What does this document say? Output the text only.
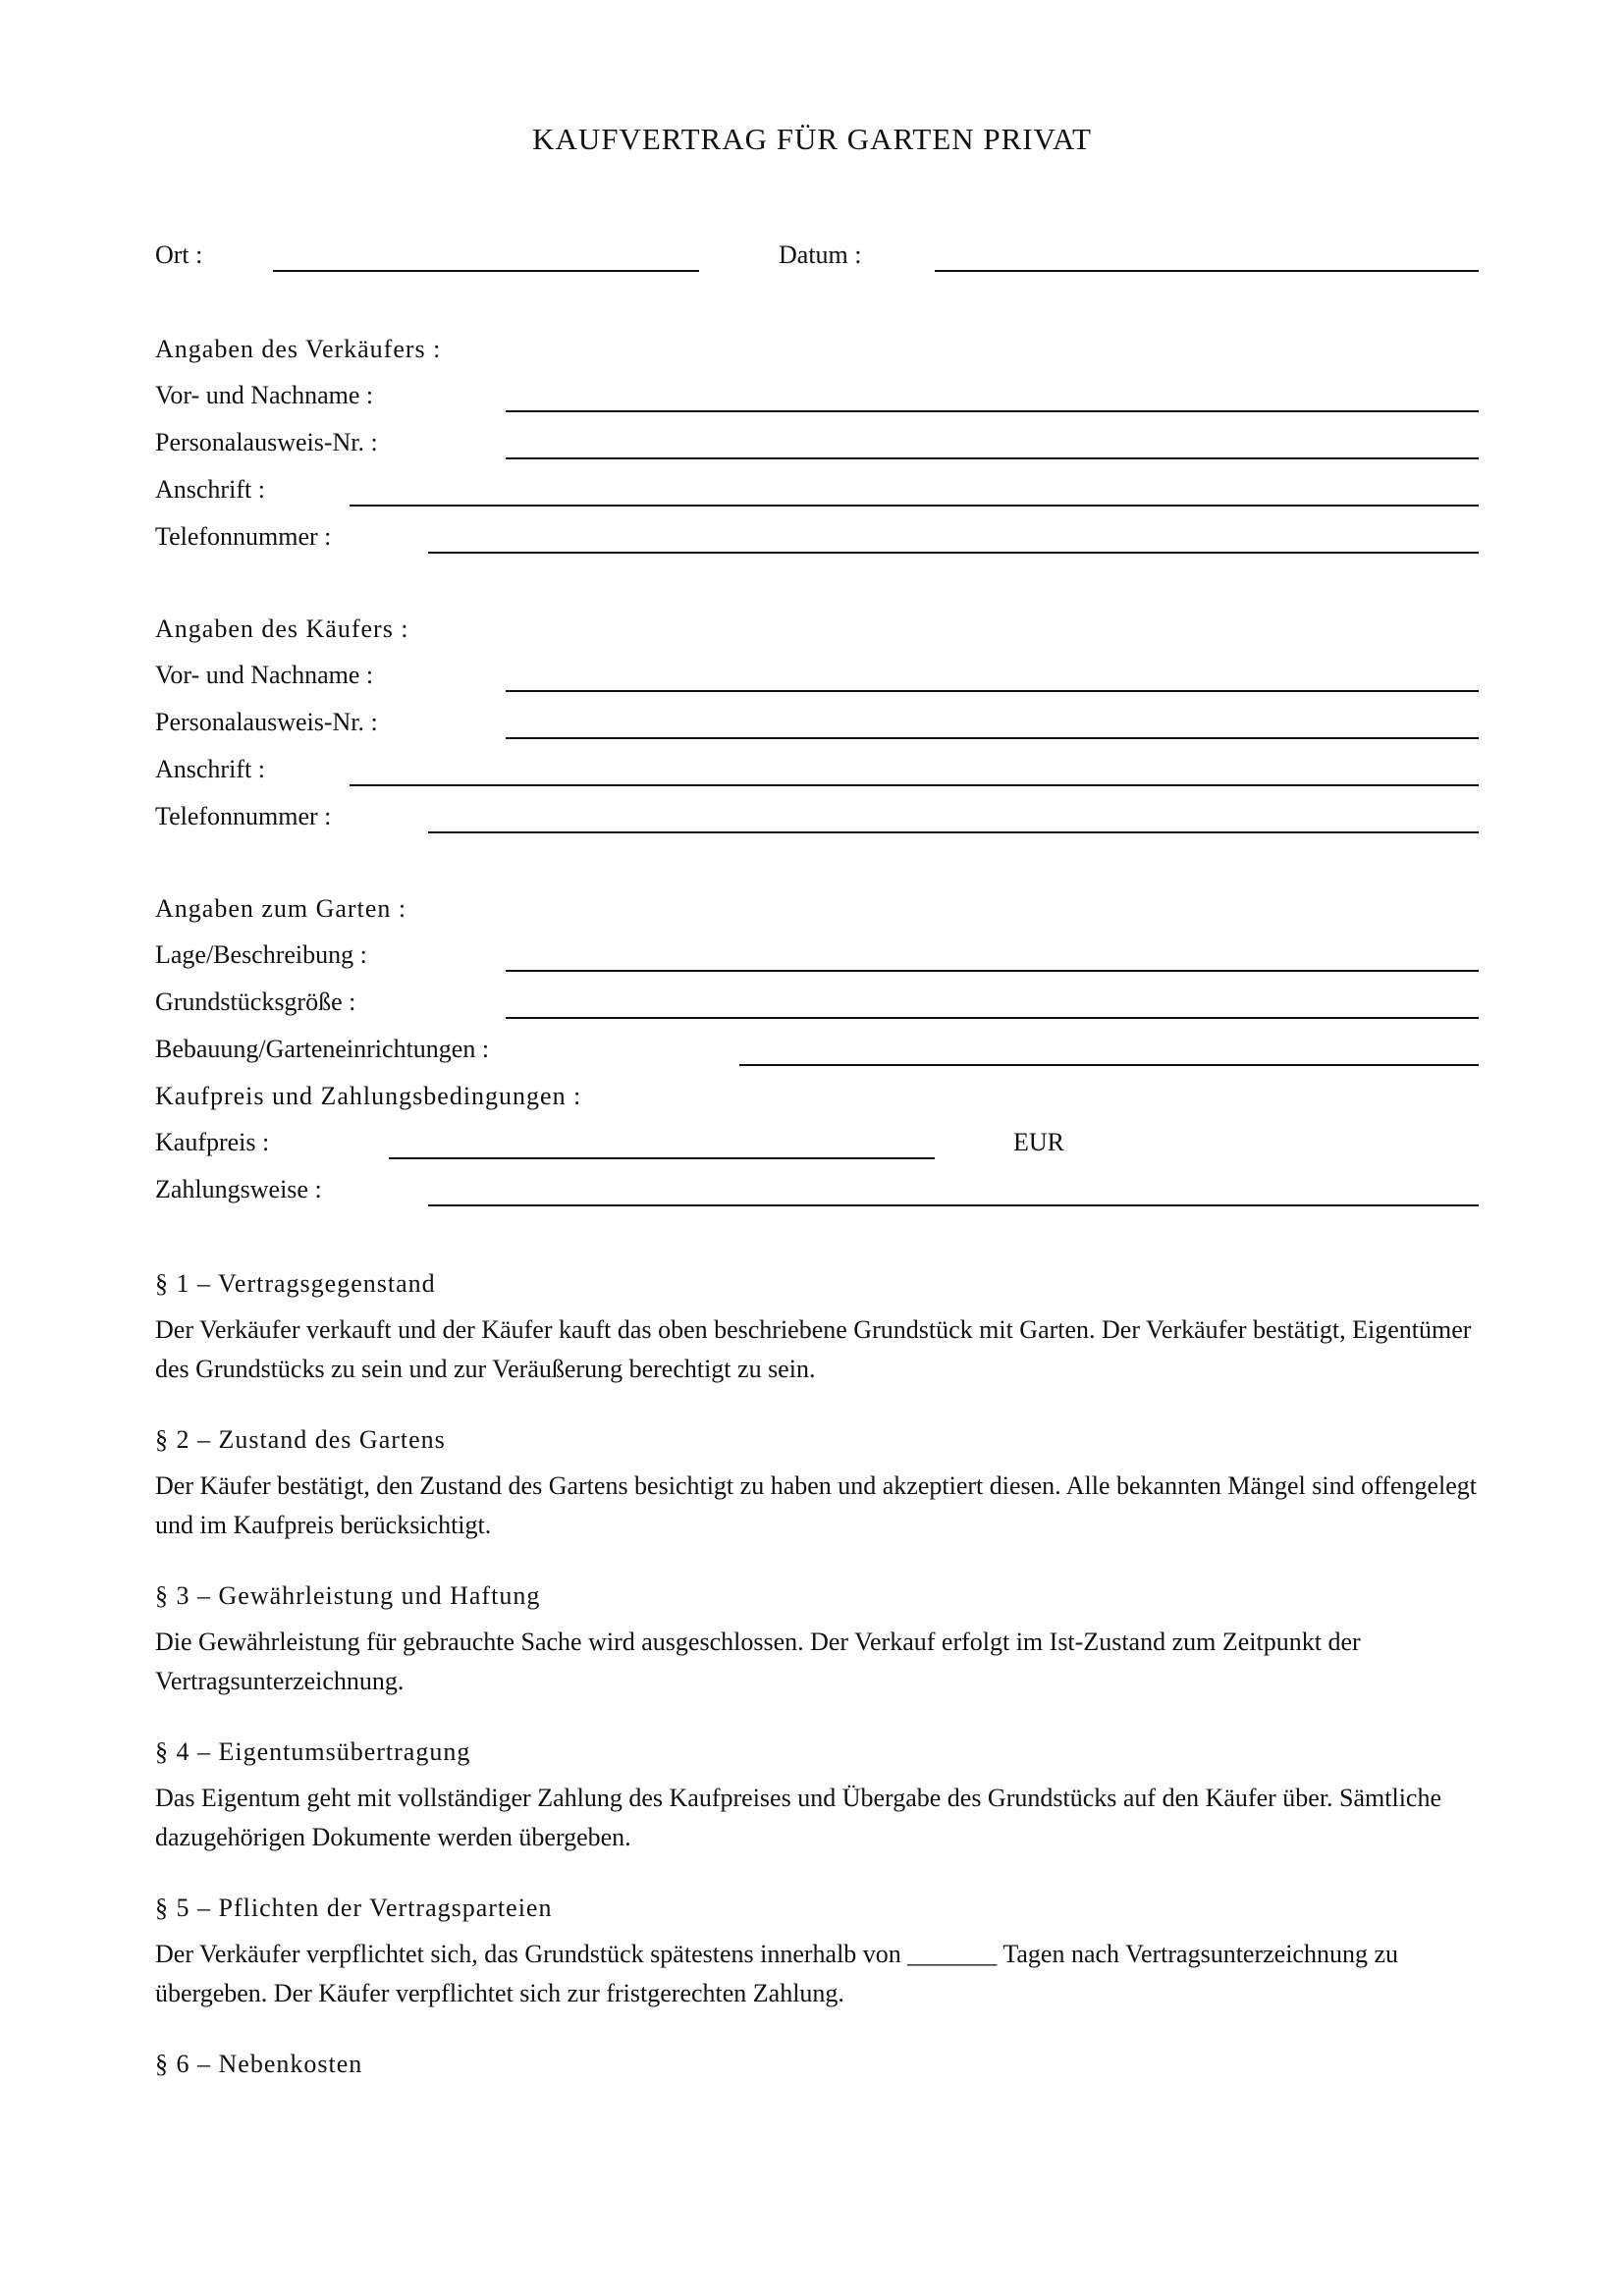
KAUFVERTRAG FÜR GARTEN PRIVAT
Ort :	Datum :
Angaben des Verkäufers :
Vor- und Nachname :
Personalausweis-Nr. :
Anschrift :
Telefonnummer :
Angaben des Käufers :
Vor- und Nachname :
Personalausweis-Nr. :
Anschrift :
Telefonnummer :
Angaben zum Garten :
Lage/Beschreibung :
Grundstücksgröße :
Bebauung/Garteneinrichtungen :
Kaufpreis und Zahlungsbedingungen :
Kaufpreis :	EUR
Zahlungsweise :
§ 1 – Vertragsgegenstand
Der Verkäufer verkauft und der Käufer kauft das oben beschriebene Grundstück mit Garten. Der Verkäufer bestätigt, Eigentümer des Grundstücks zu sein und zur Veräußerung berechtigt zu sein.
§ 2 – Zustand des Gartens
Der Käufer bestätigt, den Zustand des Gartens besichtigt zu haben und akzeptiert diesen. Alle bekannten Mängel sind offengelegt und im Kaufpreis berücksichtigt.
§ 3 – Gewährleistung und Haftung
Die Gewährleistung für gebrauchte Sache wird ausgeschlossen. Der Verkauf erfolgt im Ist-Zustand zum Zeitpunkt der Vertragsunterzeichnung.
§ 4 – Eigentumsübertragung
Das Eigentum geht mit vollständiger Zahlung des Kaufpreises und Übergabe des Grundstücks auf den Käufer über. Sämtliche dazugehörigen Dokumente werden übergeben.
§ 5 – Pflichten der Vertragsparteien
Der Verkäufer verpflichtet sich, das Grundstück spätestens innerhalb von _______ Tagen nach Vertragsunterzeichnung zu übergeben. Der Käufer verpflichtet sich zur fristgerechten Zahlung.
§ 6 – Nebenkosten
